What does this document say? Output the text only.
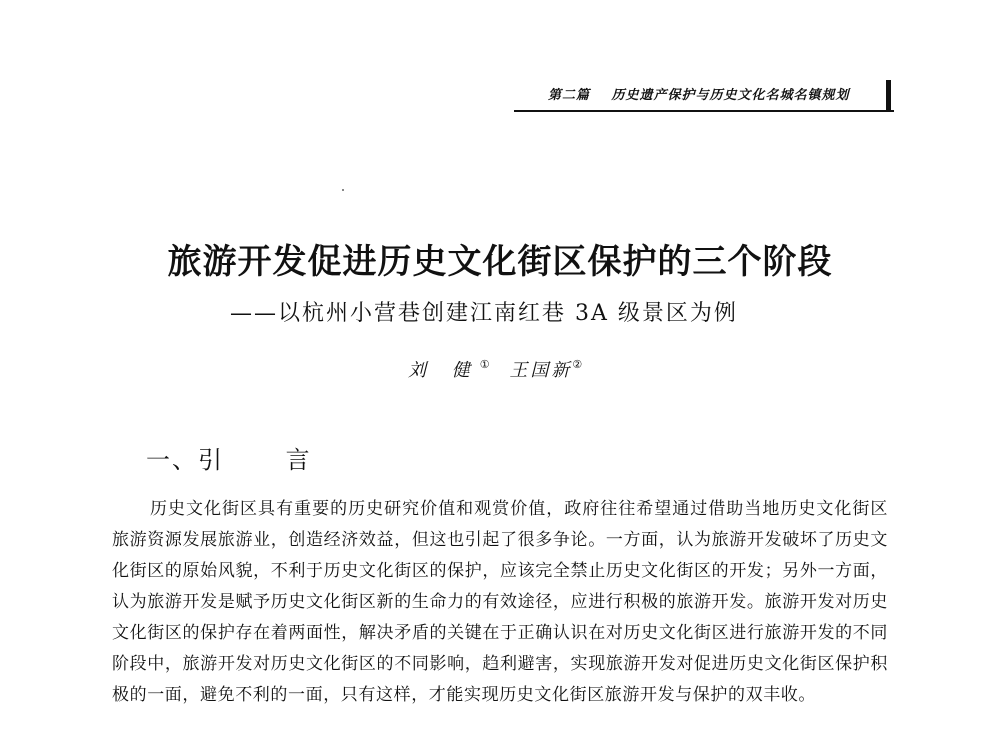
第二篇 历史遗产保护与历史文化名城名镇规划
旅游开发促进历史文化街区保护的三个阶段
——以杭州小营巷创建江南红巷 3A 级景区为例
刘 健① 王国新②
一、引 言
历史文化街区具有重要的历史研究价值和观赏价值，政府往往希望通过借助当地历史文化街区旅游资源发展旅游业，创造经济效益，但这也引起了很多争论。一方面，认为旅游开发破坏了历史文化街区的原始风貌，不利于历史文化街区的保护，应该完全禁止历史文化街区的开发；另外一方面，认为旅游开发是赋予历史文化街区新的生命力的有效途径，应进行积极的旅游开发。旅游开发对历史文化街区的保护存在着两面性，解决矛盾的关键在于正确认识在对历史文化街区进行旅游开发的不同阶段中，旅游开发对历史文化街区的不同影响，趋利避害，实现旅游开发对促进历史文化街区保护积极的一面，避免不利的一面，只有这样，才能实现历史文化街区旅游开发与保护的双丰收。
